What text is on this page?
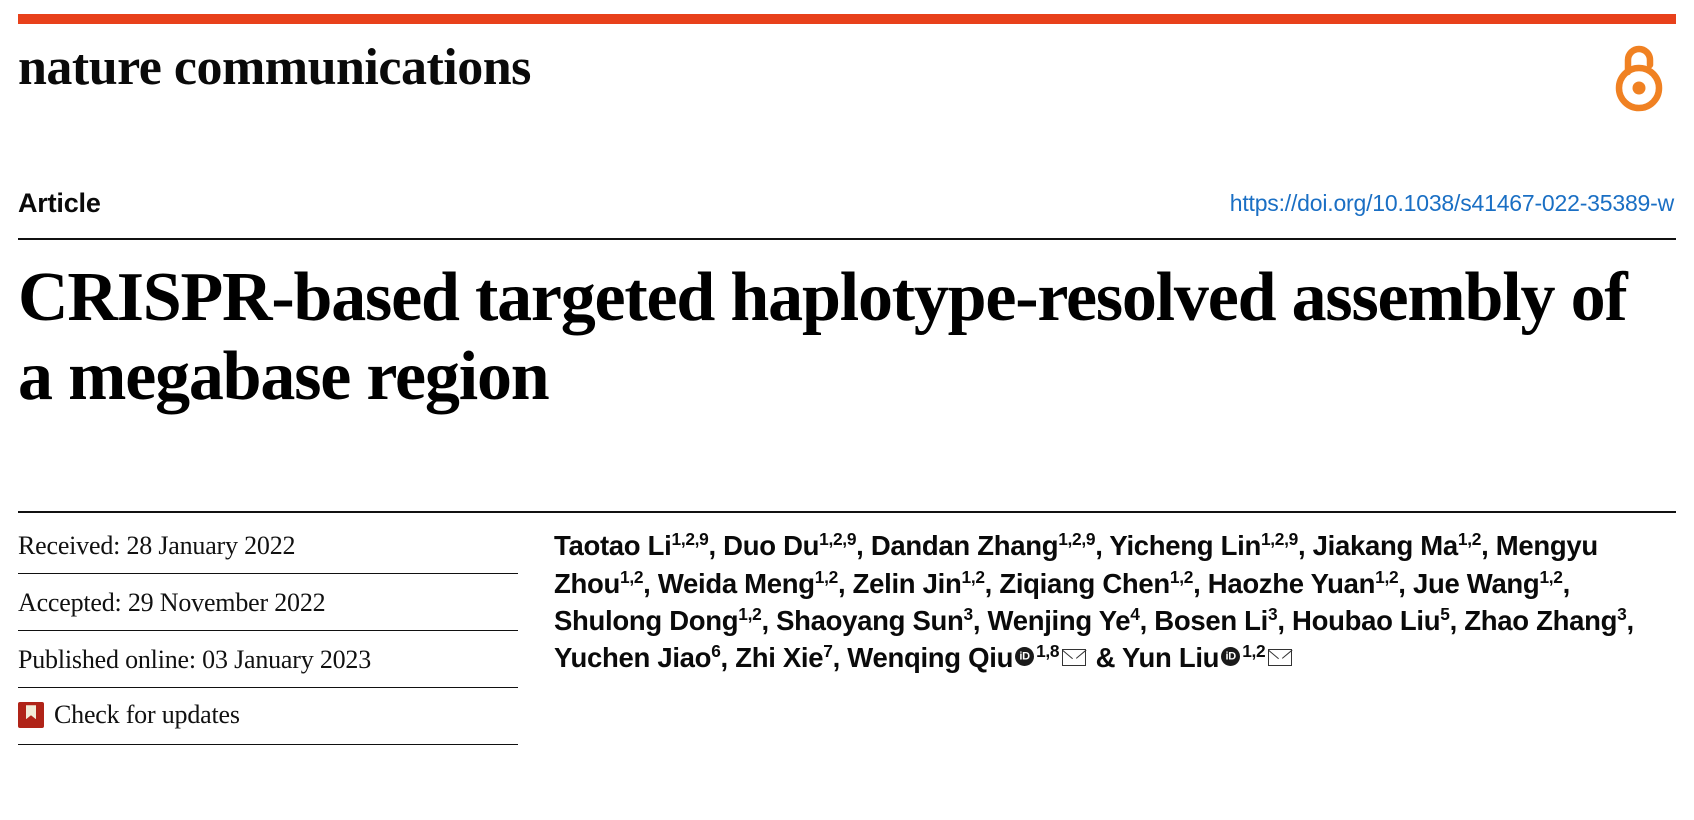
nature communications
Article	https://doi.org/10.1038/s41467-022-35389-w
CRISPR-based targeted haplotype-resolved assembly of a megabase region
Received: 28 January 2022
Accepted: 29 November 2022
Published online: 03 January 2023
Check for updates
Taotao Li$^{1,2,9}$, Duo Du$^{1,2,9}$, Dandan Zhang$^{1,2,9}$, Yicheng Lin$^{1,2,9}$, Jiakang Ma$^{1,2}$, Mengyu Zhou$^{1,2}$, Weida Meng$^{1,2}$, Zelin Jin$^{1,2}$, Ziqiang Chen$^{1,2}$, Haozhe Yuan$^{1,2}$, Jue Wang$^{1,2}$, Shulong Dong$^{1,2}$, Shaoyang Sun$^3$, Wenjing Ye$^4$, Bosen Li$^3$, Houbao Liu$^5$, Zhao Zhang$^3$, Yuchen Jiao$^6$, Zhi Xie$^7$, Wenqing Qiu iD $^{1,8}$ & Yun Liu iD $^{1,2}$
